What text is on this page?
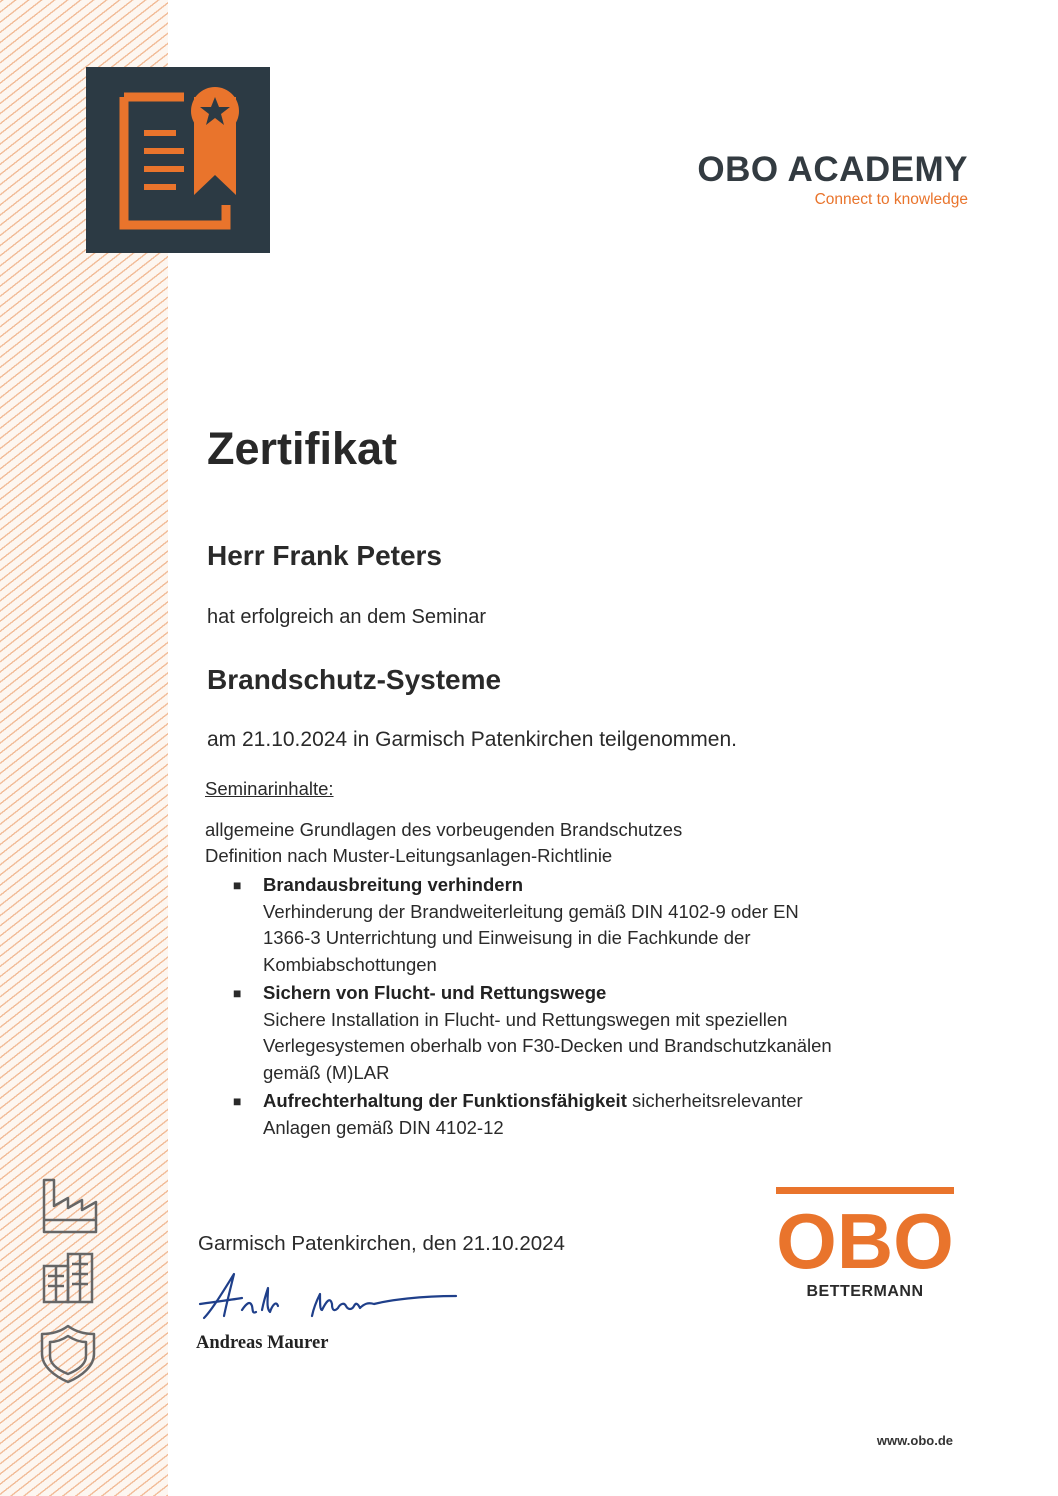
OBO ACADEMY
Connect to knowledge
Zertifikat
Herr Frank Peters
hat erfolgreich an dem Seminar
Brandschutz-Systeme
am 21.10.2024 in Garmisch Patenkirchen teilgenommen.
Seminarinhalte:
allgemeine Grundlagen des vorbeugenden Brandschutzes
Definition nach Muster-Leitungsanlagen-Richtlinie
■ Brandausbreitung verhindern
Verhinderung der Brandweiterleitung gemäß DIN 4102-9 oder EN
1366-3 Unterrichtung und Einweisung in die Fachkunde der
Kombiabschottungen
■ Sichern von Flucht- und Rettungswege
Sichere Installation in Flucht- und Rettungswegen mit speziellen
Verlegesystemen oberhalb von F30-Decken und Brandschutzkanälen
gemäß (M)LAR
■ Aufrechterhaltung der Funktionsfähigkeit sicherheitsrelevanter
Anlagen gemäß DIN 4102-12
Garmisch Patenkirchen, den 21.10.2024
Andreas Maurer
OBO
BETTERMANN
www.obo.de
